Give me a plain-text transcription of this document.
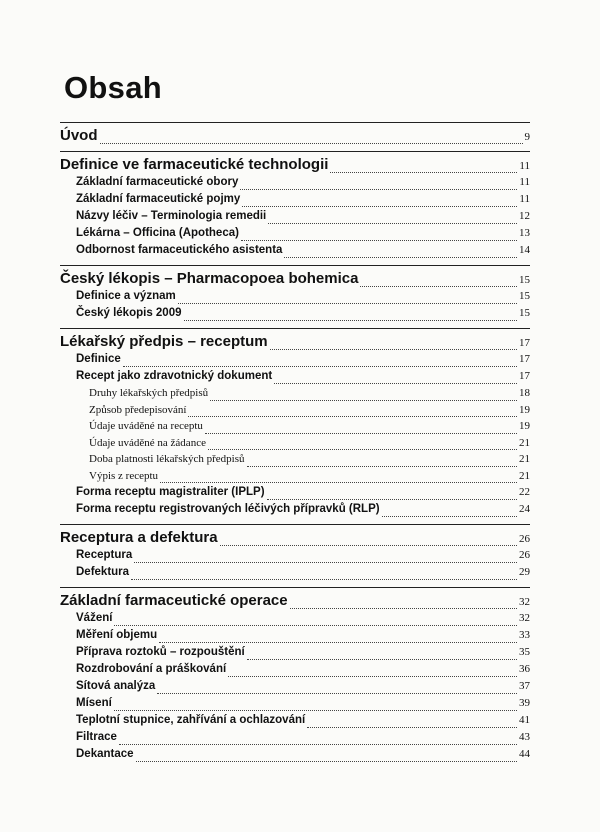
Obsah
Úvod	9
Definice ve farmaceutické technologii	11
Základní farmaceutické obory	11
Základní farmaceutické pojmy	11
Názvy léčiv – Terminologia remedii	12
Lékárna – Officina (Apotheca)	13
Odbornost farmaceutického asistenta	14
Český lékopis – Pharmacopoea bohemica	15
Definice a význam	15
Český lékopis 2009	15
Lékařský předpis – receptum	17
Definice	17
Recept jako zdravotnický dokument	17
Druhy lékařských předpisů	18
Způsob předepisování	19
Údaje uváděné na receptu	19
Údaje uváděné na žádance	21
Doba platnosti lékařských předpisů	21
Výpis z receptu	21
Forma receptu magistraliter (IPLP)	22
Forma receptu registrovaných léčivých přípravků (RLP)	24
Receptura a defektura	26
Receptura	26
Defektura	29
Základní farmaceutické operace	32
Vážení	32
Měření objemu	33
Příprava roztoků – rozpouštění	35
Rozdrobování a práškování	36
Sítová analýza	37
Mísení	39
Teplotní stupnice, zahřívání a ochlazování	41
Filtrace	43
Dekantace	44
